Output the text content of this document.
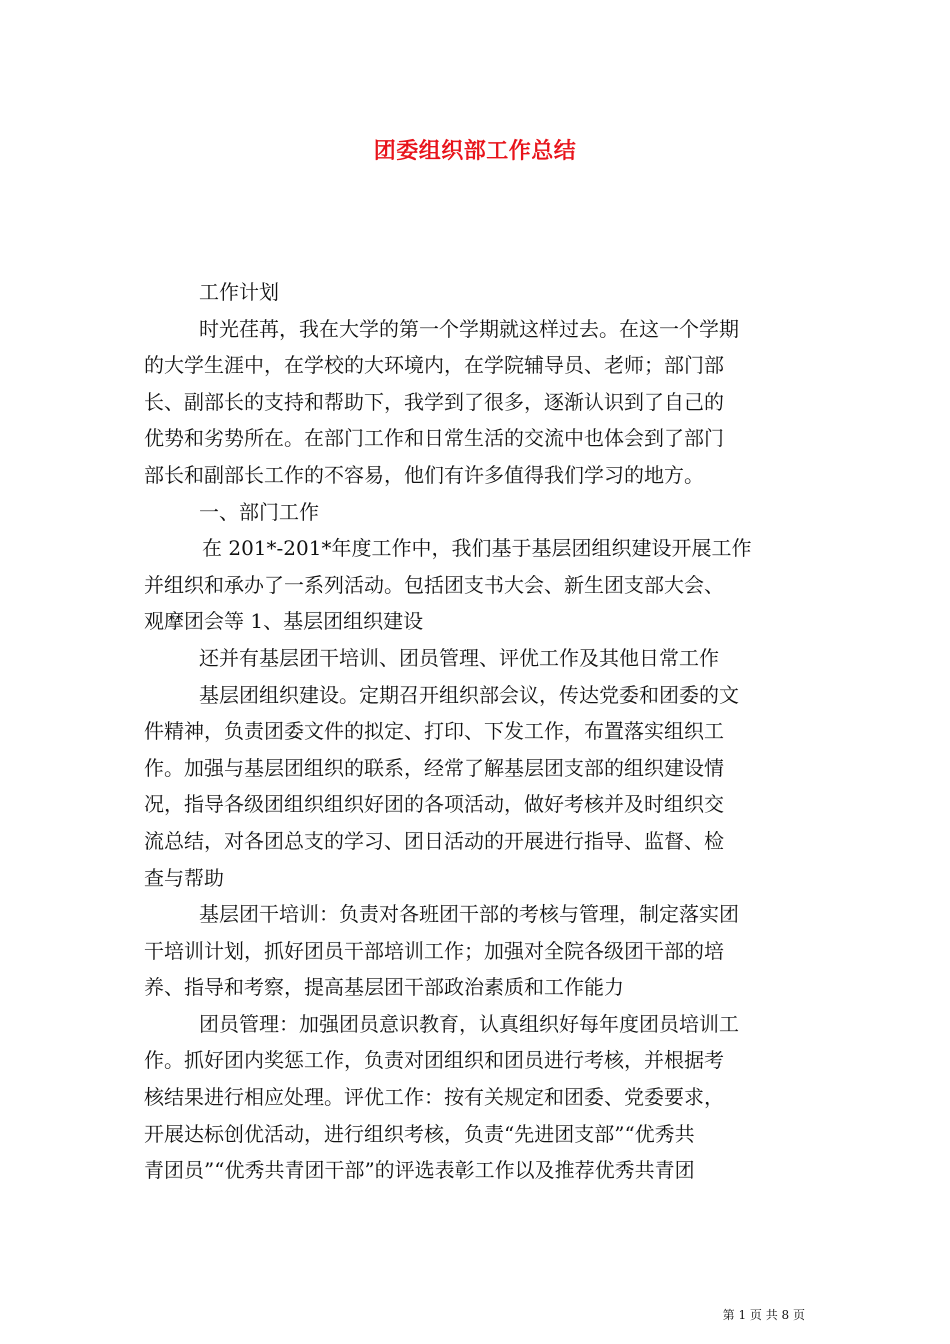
团委组织部工作总结

工作计划

时光荏苒，我在大学的第一个学期就这样过去。在这一个学期

的大学生涯中，在学校的大环境内，在学院辅导员、老师；部门部

长、副部长的支持和帮助下，我学到了很多，逐渐认识到了自己的

优势和劣势所在。在部门工作和日常生活的交流中也体会到了部门

部长和副部长工作的不容易，他们有许多值得我们学习的地方。

一、部门工作

在 201*-201*年度工作中，我们基于基层团组织建设开展工作

并组织和承办了一系列活动。包括团支书大会、新生团支部大会、

观摩团会等 1、基层团组织建设

还并有基层团干培训、团员管理、评优工作及其他日常工作

基层团组织建设。定期召开组织部会议，传达党委和团委的文

件精神，负责团委文件的拟定、打印、下发工作，布置落实组织工

作。加强与基层团组织的联系，经常了解基层团支部的组织建设情

况，指导各级团组织组织好团的各项活动，做好考核并及时组织交

流总结，对各团总支的学习、团日活动的开展进行指导、监督、检

查与帮助

基层团干培训：负责对各班团干部的考核与管理，制定落实团

干培训计划，抓好团员干部培训工作；加强对全院各级团干部的培

养、指导和考察，提高基层团干部政治素质和工作能力

团员管理：加强团员意识教育，认真组织好每年度团员培训工

作。抓好团内奖惩工作，负责对团组织和团员进行考核，并根据考

核结果进行相应处理。评优工作：按有关规定和团委、党委要求，

开展达标创优活动，进行组织考核，负责“先进团支部”“优秀共

青团员”“优秀共青团干部”的评选表彰工作以及推荐优秀共青团

第 1 页 共 8 页
